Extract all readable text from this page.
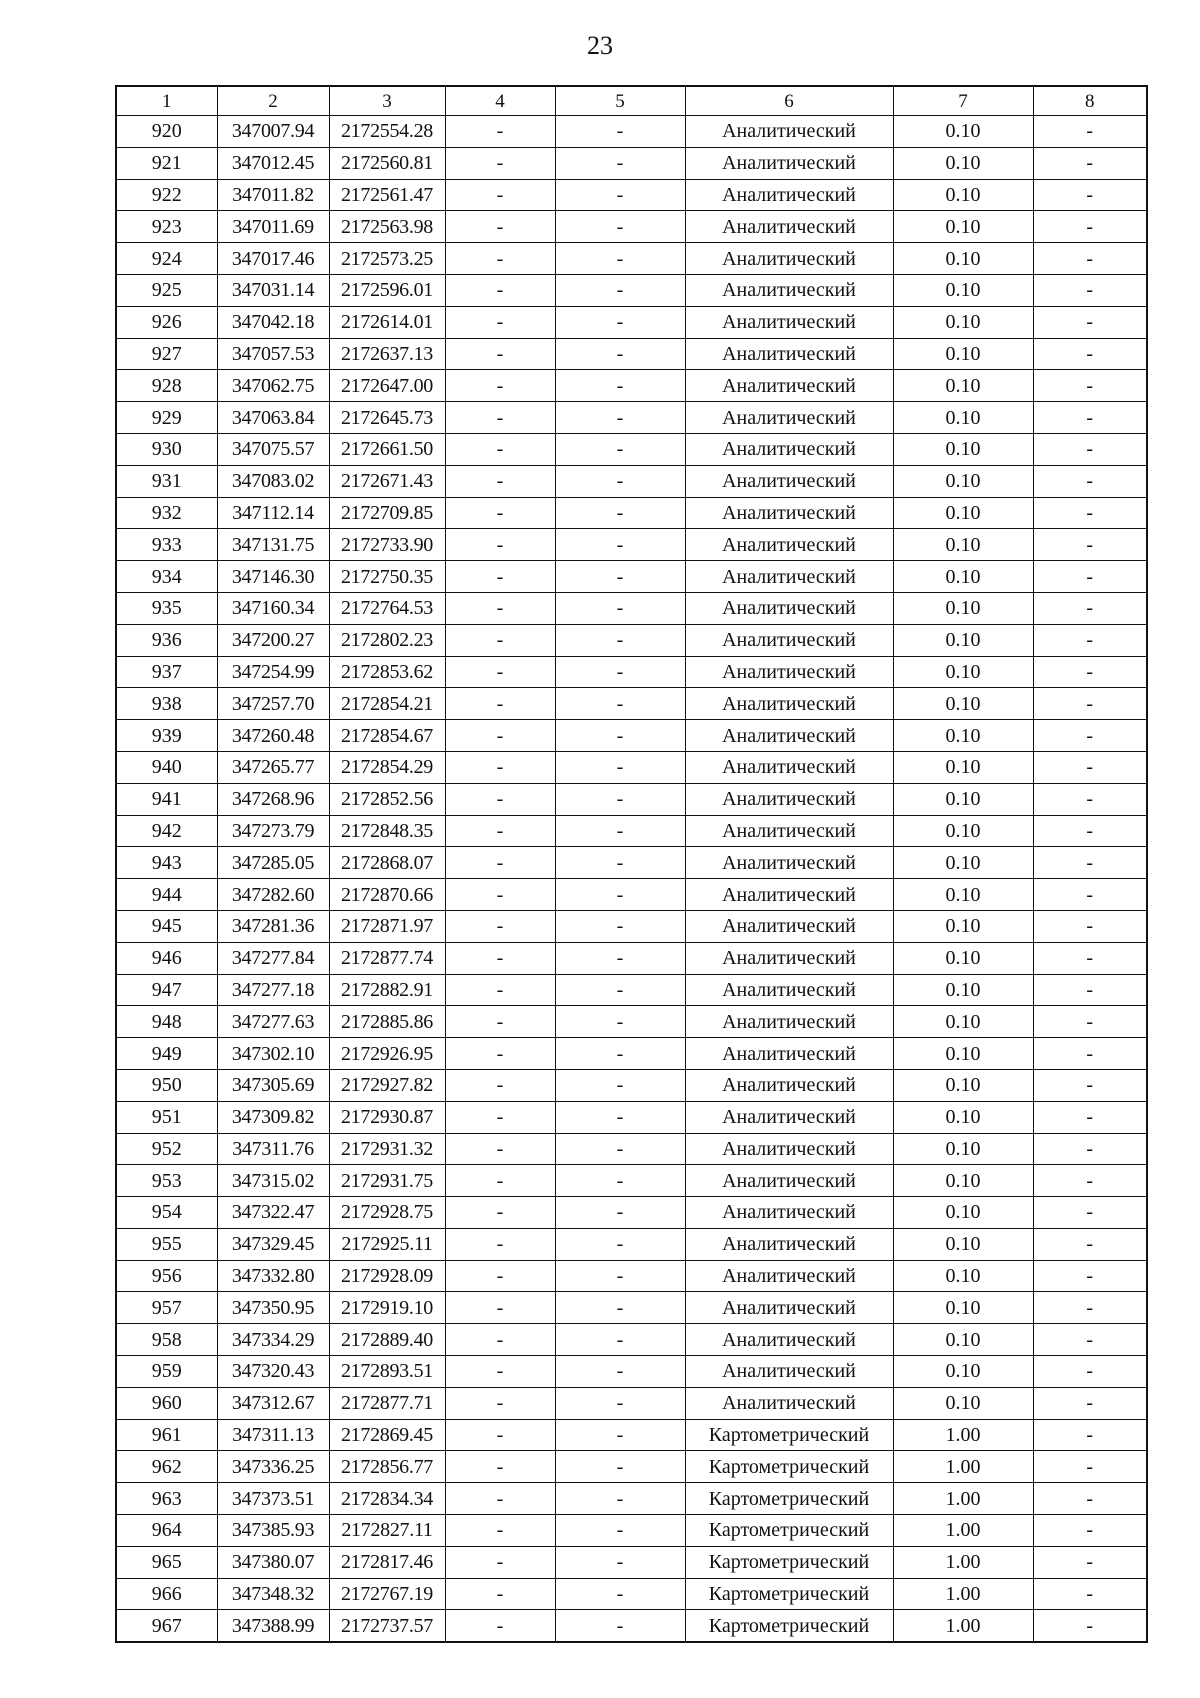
23
1	2	3	4	5	6	7	8
920	347007.94	2172554.28	-	-	Аналитический	0.10	-
921	347012.45	2172560.81	-	-	Аналитический	0.10	-
922	347011.82	2172561.47	-	-	Аналитический	0.10	-
923	347011.69	2172563.98	-	-	Аналитический	0.10	-
924	347017.46	2172573.25	-	-	Аналитический	0.10	-
925	347031.14	2172596.01	-	-	Аналитический	0.10	-
926	347042.18	2172614.01	-	-	Аналитический	0.10	-
927	347057.53	2172637.13	-	-	Аналитический	0.10	-
928	347062.75	2172647.00	-	-	Аналитический	0.10	-
929	347063.84	2172645.73	-	-	Аналитический	0.10	-
930	347075.57	2172661.50	-	-	Аналитический	0.10	-
931	347083.02	2172671.43	-	-	Аналитический	0.10	-
932	347112.14	2172709.85	-	-	Аналитический	0.10	-
933	347131.75	2172733.90	-	-	Аналитический	0.10	-
934	347146.30	2172750.35	-	-	Аналитический	0.10	-
935	347160.34	2172764.53	-	-	Аналитический	0.10	-
936	347200.27	2172802.23	-	-	Аналитический	0.10	-
937	347254.99	2172853.62	-	-	Аналитический	0.10	-
938	347257.70	2172854.21	-	-	Аналитический	0.10	-
939	347260.48	2172854.67	-	-	Аналитический	0.10	-
940	347265.77	2172854.29	-	-	Аналитический	0.10	-
941	347268.96	2172852.56	-	-	Аналитический	0.10	-
942	347273.79	2172848.35	-	-	Аналитический	0.10	-
943	347285.05	2172868.07	-	-	Аналитический	0.10	-
944	347282.60	2172870.66	-	-	Аналитический	0.10	-
945	347281.36	2172871.97	-	-	Аналитический	0.10	-
946	347277.84	2172877.74	-	-	Аналитический	0.10	-
947	347277.18	2172882.91	-	-	Аналитический	0.10	-
948	347277.63	2172885.86	-	-	Аналитический	0.10	-
949	347302.10	2172926.95	-	-	Аналитический	0.10	-
950	347305.69	2172927.82	-	-	Аналитический	0.10	-
951	347309.82	2172930.87	-	-	Аналитический	0.10	-
952	347311.76	2172931.32	-	-	Аналитический	0.10	-
953	347315.02	2172931.75	-	-	Аналитический	0.10	-
954	347322.47	2172928.75	-	-	Аналитический	0.10	-
955	347329.45	2172925.11	-	-	Аналитический	0.10	-
956	347332.80	2172928.09	-	-	Аналитический	0.10	-
957	347350.95	2172919.10	-	-	Аналитический	0.10	-
958	347334.29	2172889.40	-	-	Аналитический	0.10	-
959	347320.43	2172893.51	-	-	Аналитический	0.10	-
960	347312.67	2172877.71	-	-	Аналитический	0.10	-
961	347311.13	2172869.45	-	-	Картометрический	1.00	-
962	347336.25	2172856.77	-	-	Картометрический	1.00	-
963	347373.51	2172834.34	-	-	Картометрический	1.00	-
964	347385.93	2172827.11	-	-	Картометрический	1.00	-
965	347380.07	2172817.46	-	-	Картометрический	1.00	-
966	347348.32	2172767.19	-	-	Картометрический	1.00	-
967	347388.99	2172737.57	-	-	Картометрический	1.00	-
